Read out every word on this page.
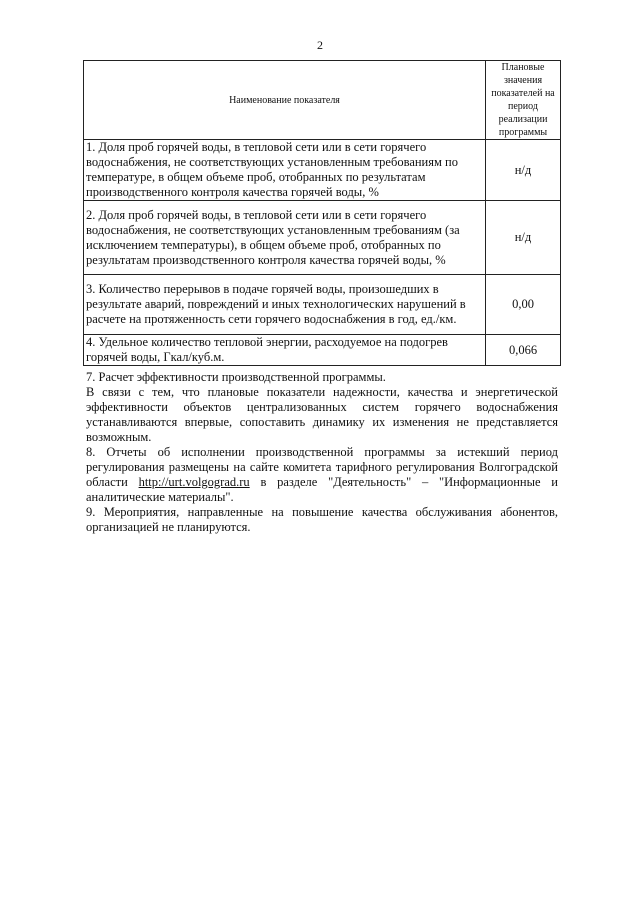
2
Наименование показателя	Плановые значения показателей на период реализации программы
1. Доля проб горячей воды, в тепловой сети или в сети горячего водоснабжения, не соответствующих установленным требованиям по температуре, в общем объеме проб, отобранных по результатам производственного контроля качества горячей воды, %	н/д
2. Доля проб горячей воды, в тепловой сети или в сети горячего водоснабжения, не соответствующих установленным требованиям (за исключением температуры), в общем объеме проб, отобранных по результатам производственного контроля качества горячей воды, %	н/д
3. Количество перерывов в подаче горячей воды, произошедших в результате аварий, повреждений и иных технологических нарушений в расчете на протяженность сети горячего водоснабжения в год, ед./км.	0,00
4. Удельное количество тепловой энергии, расходуемое на подогрев горячей воды, Гкал/куб.м.	0,066

7. Расчет эффективности производственной программы.

В связи с тем, что плановые показатели надежности, качества и энергетической эффективности объектов централизованных систем горячего водоснабжения устанавливаются впервые, сопоставить динамику их изменения не представляется возможным.

8. Отчеты об исполнении производственной программы за истекший период регулирования размещены на сайте комитета тарифного регулирования Волгоградской области http://urt.volgograd.ru в разделе "Деятельность" – "Информационные и аналитические материалы".

9. Мероприятия, направленные на повышение качества обслуживания абонентов, организацией не планируются.
